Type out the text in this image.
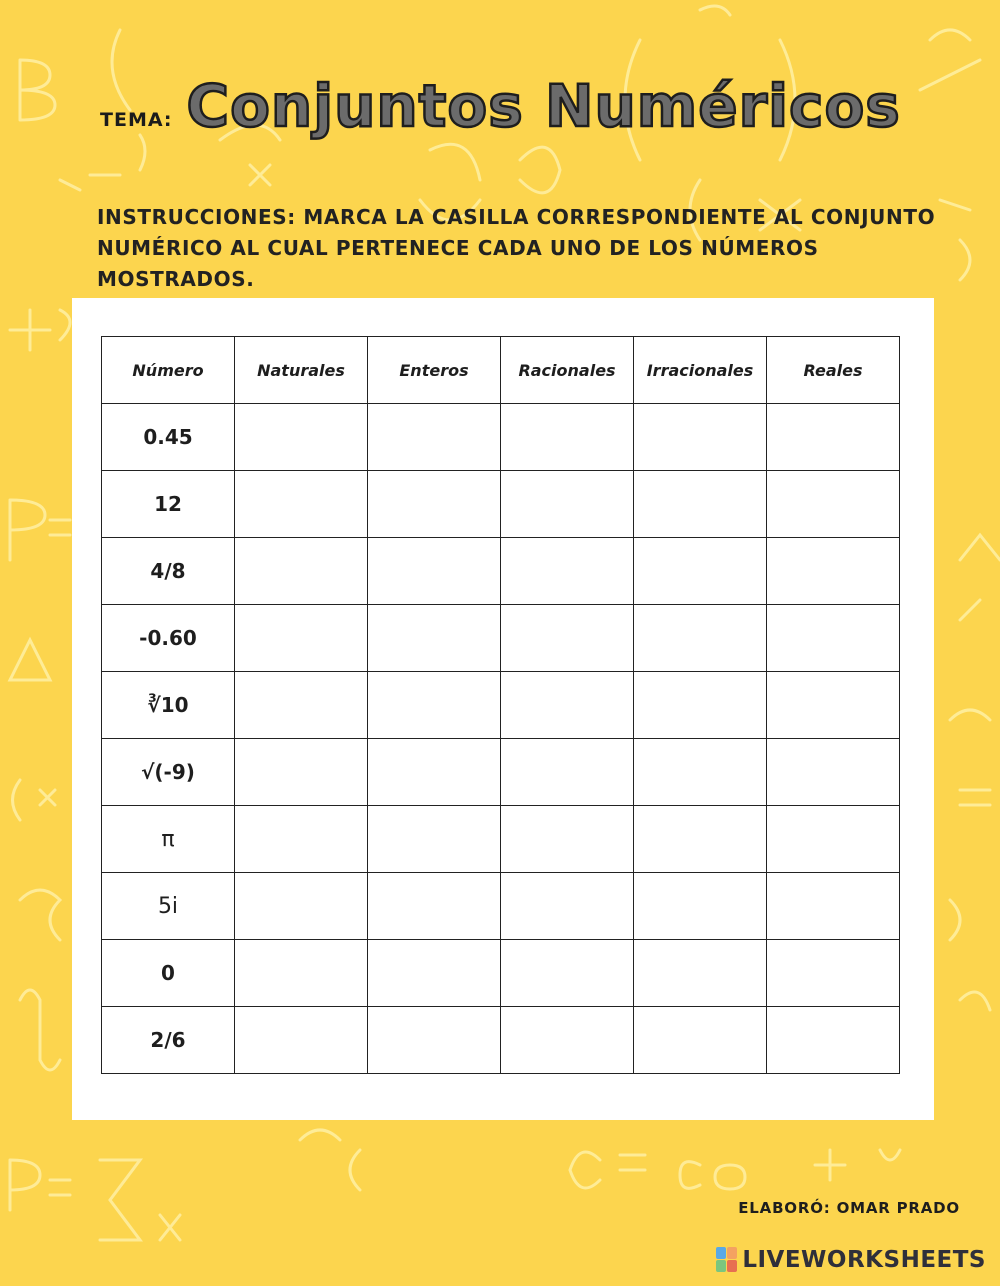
TEMA: Conjuntos Numéricos
INSTRUCCIONES: MARCA LA CASILLA CORRESPONDIENTE AL CONJUNTO
NUMÉRICO AL CUAL PERTENECE CADA UNO DE LOS NÚMEROS MOSTRADOS.
Número	Naturales	Enteros	Racionales	Irracionales	Reales
0.45					
12					
4/8					
-0.60					
∛10					
√(-9)					
π					
5i					
0					
2/6					
ELABORÓ: OMAR PRADO
LIVEWORKSHEETS
